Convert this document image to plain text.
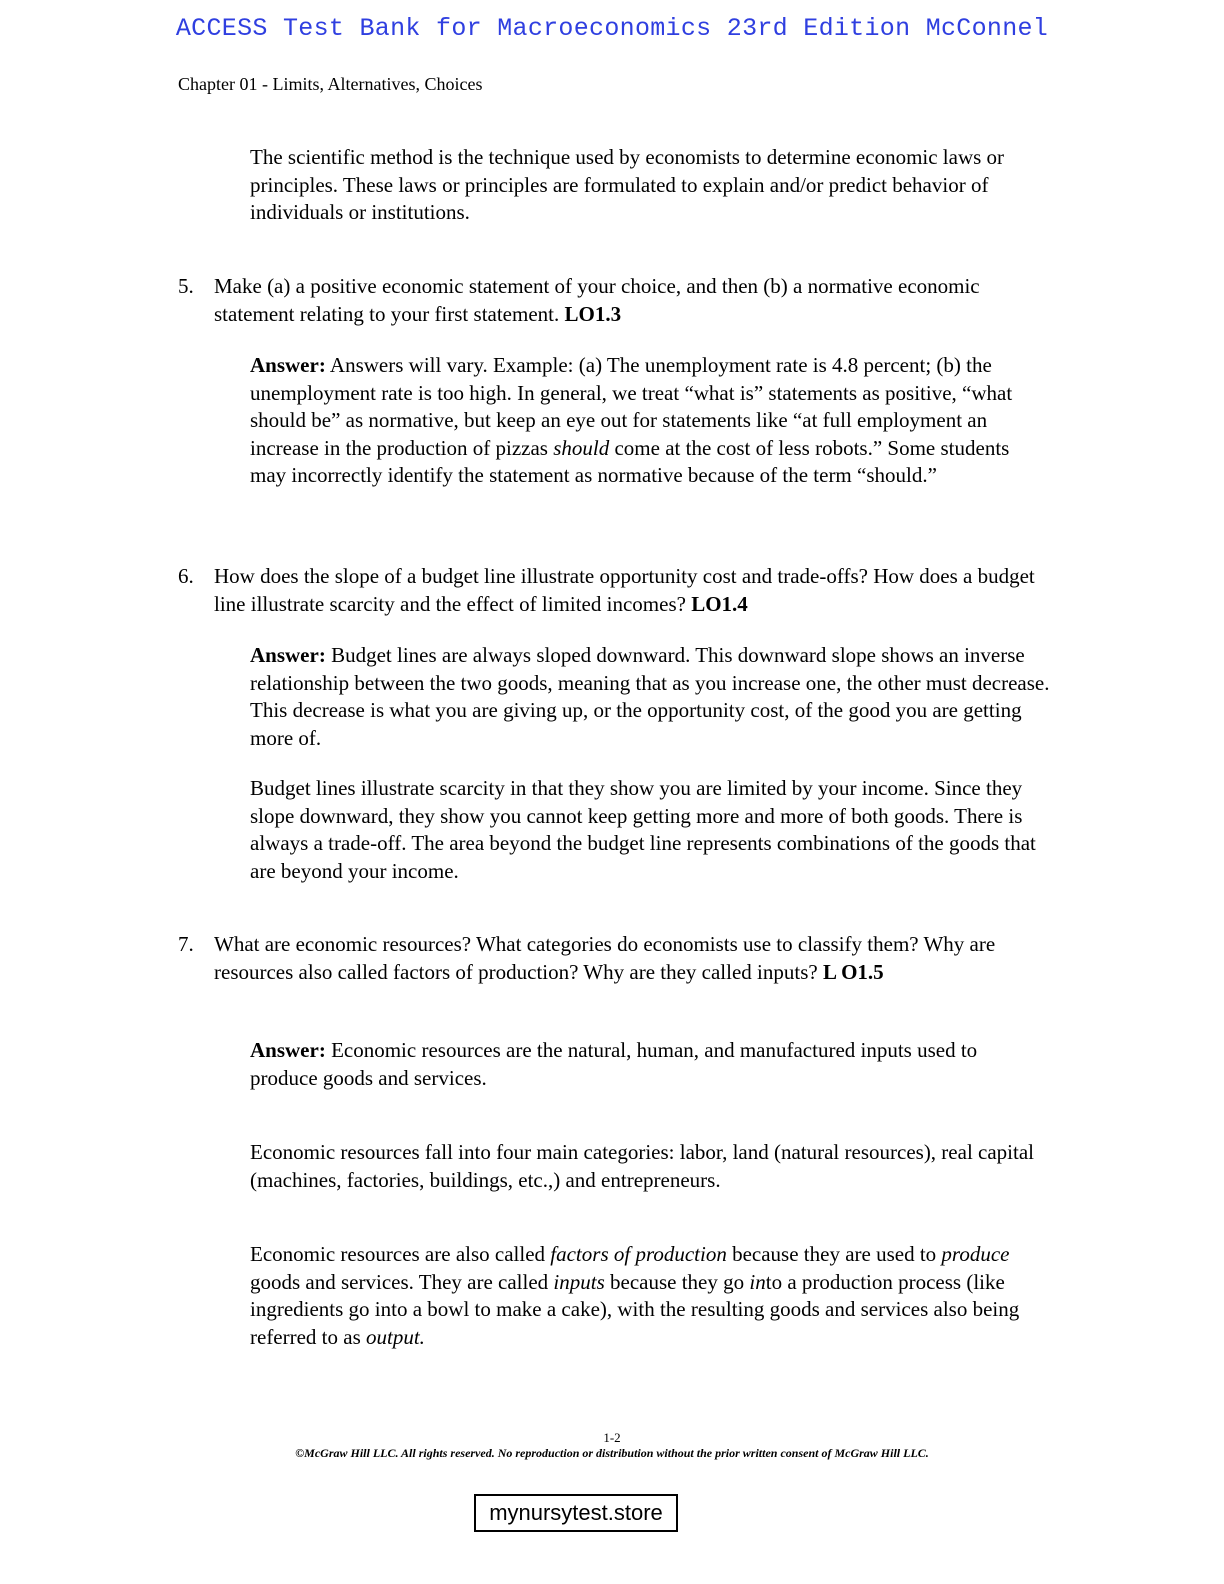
ACCESS Test Bank for Macroeconomics 23rd Edition McConnel
Chapter 01 - Limits, Alternatives, Choices
The scientific method is the technique used by economists to determine economic laws or principles. These laws or principles are formulated to explain and/or predict behavior of individuals or institutions.
5. Make (a) a positive economic statement of your choice, and then (b) a normative economic statement relating to your first statement. LO1.3
Answer: Answers will vary. Example: (a) The unemployment rate is 4.8 percent; (b) the unemployment rate is too high. In general, we treat “what is” statements as positive, “what should be” as normative, but keep an eye out for statements like “at full employment an increase in the production of pizzas should come at the cost of less robots.” Some students may incorrectly identify the statement as normative because of the term “should.”
6. How does the slope of a budget line illustrate opportunity cost and trade-offs? How does a budget line illustrate scarcity and the effect of limited incomes? LO1.4
Answer: Budget lines are always sloped downward. This downward slope shows an inverse relationship between the two goods, meaning that as you increase one, the other must decrease. This decrease is what you are giving up, or the opportunity cost, of the good you are getting more of.
Budget lines illustrate scarcity in that they show you are limited by your income. Since they slope downward, they show you cannot keep getting more and more of both goods. There is always a trade-off. The area beyond the budget line represents combinations of the goods that are beyond your income.
7. What are economic resources? What categories do economists use to classify them? Why are resources also called factors of production? Why are they called inputs? L O1.5
Answer: Economic resources are the natural, human, and manufactured inputs used to produce goods and services.
Economic resources fall into four main categories: labor, land (natural resources), real capital (machines, factories, buildings, etc.,) and entrepreneurs.
Economic resources are also called factors of production because they are used to produce goods and services. They are called inputs because they go into a production process (like ingredients go into a bowl to make a cake), with the resulting goods and services also being referred to as output.
1-2
©McGraw Hill LLC. All rights reserved. No reproduction or distribution without the prior written consent of McGraw Hill LLC.
mynursytest.store
